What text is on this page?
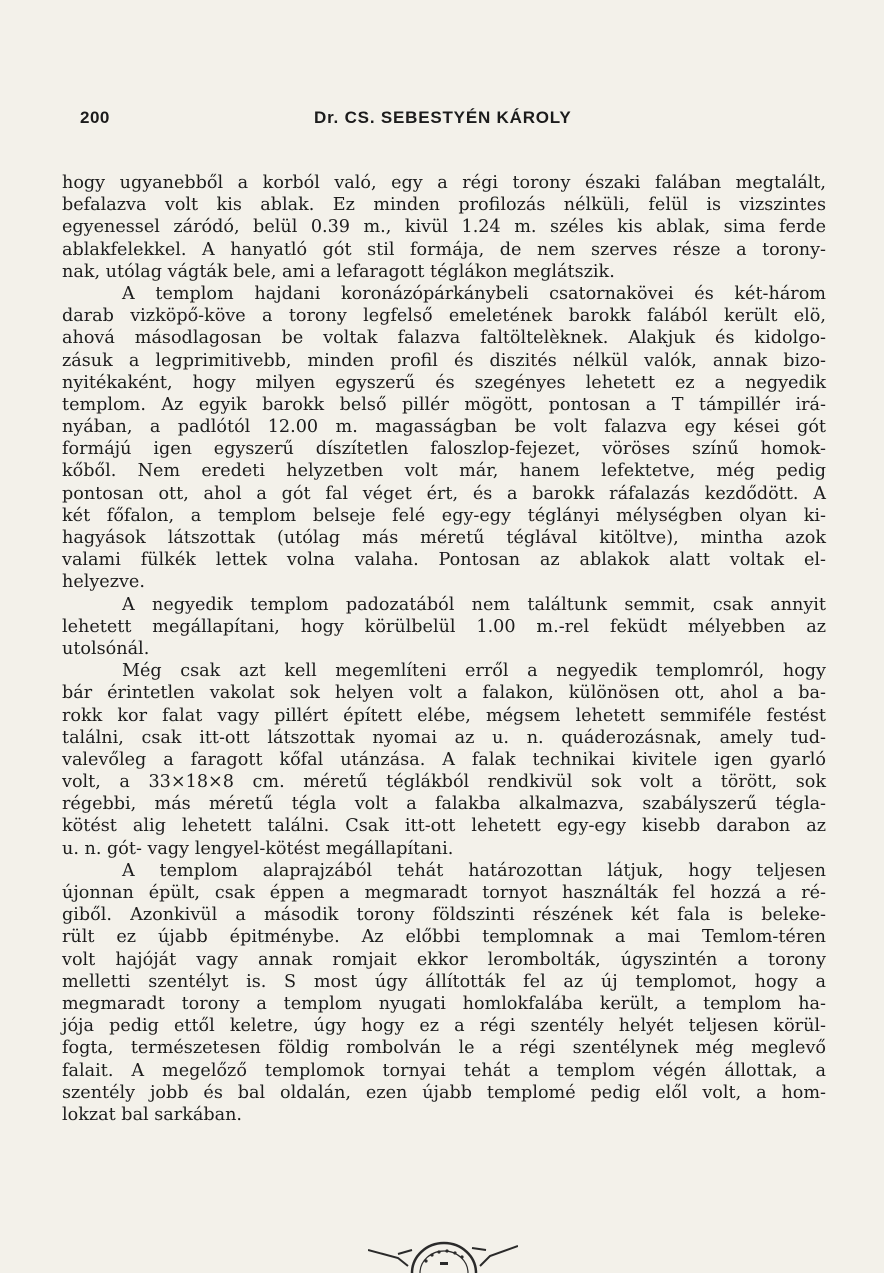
200	Dr. CS. SEBESTYÉN KÁROLY
hogy ugyanebből a korból való, egy a régi torony északi falában megtalált,
befalazva volt kis ablak. Ez minden profilozás nélküli, felül is vizszintes
egyenessel záródó, belül 0.39 m., kivül 1.24 m. széles kis ablak, sima ferde
ablakfelekkel. A hanyatló gót stil formája, de nem szerves része a torony-
nak, utólag vágták bele, ami a lefaragott téglákon meglátszik.
A templom hajdani koronázópárkánybeli csatornakövei és két-három
darab vizköpő-köve a torony legfelső emeletének barokk falából került elö,
ahová másodlagosan be voltak falazva faltöltelèknek. Alakjuk és kidolgo-
zásuk a legprimitivebb, minden profil és diszités nélkül valók, annak bizo-
nyitékaként, hogy milyen egyszerű és szegényes lehetett ez a negyedik
templom. Az egyik barokk belső pillér mögött, pontosan a T támpillér irá-
nyában, a padlótól 12.00 m. magasságban be volt falazva egy kései gót
formájú igen egyszerű díszítetlen faloszlop-fejezet, vöröses színű homok-
kőből. Nem eredeti helyzetben volt már, hanem lefektetve, még pedig
pontosan ott, ahol a gót fal véget ért, és a barokk ráfalazás kezdődött. A
két főfalon, a templom belseje felé egy-egy téglányi mélységben olyan ki-
hagyások látszottak (utólag más méretű téglával kitöltve), mintha azok
valami fülkék lettek volna valaha. Pontosan az ablakok alatt voltak el-
helyezve.
A negyedik templom padozatából nem találtunk semmit, csak annyit
lehetett megállapítani, hogy körülbelül 1.00 m.-rel feküdt mélyebben az
utolsónál.
Még csak azt kell megemlíteni erről a negyedik templomról, hogy
bár érintetlen vakolat sok helyen volt a falakon, különösen ott, ahol a ba-
rokk kor falat vagy pillért épített elébe, mégsem lehetett semmiféle festést
találni, csak itt-ott látszottak nyomai az u. n. quáderozásnak, amely tud-
valevőleg a faragott kőfal utánzása. A falak technikai kivitele igen gyarló
volt, a 33×18×8 cm. méretű téglákból rendkivül sok volt a törött, sok
régebbi, más méretű tégla volt a falakba alkalmazva, szabályszerű tégla-
kötést alig lehetett találni. Csak itt-ott lehetett egy-egy kisebb darabon az
u. n. gót- vagy lengyel-kötést megállapítani.
A templom alaprajzából tehát határozottan látjuk, hogy teljesen
újonnan épült, csak éppen a megmaradt tornyot használták fel hozzá a ré-
giből. Azonkivül a második torony földszinti részének két fala is beleke-
rült ez újabb épitménybe. Az előbbi templomnak a mai Temlom-téren
volt hajóját vagy annak romjait ekkor lerombolták, úgyszintén a torony
melletti szentélyt is. S most úgy állították fel az új templomot, hogy a
megmaradt torony a templom nyugati homlokfalába került, a templom ha-
jója pedig ettől keletre, úgy hogy ez a régi szentély helyét teljesen körül-
fogta, természetesen földig rombolván le a régi szentélynek még meglevő
falait. A megelőző templomok tornyai tehát a templom végén állottak, a
szentély jobb és bal oldalán, ezen újabb templomé pedig elől volt, a hom-
lokzat bal sarkában.
